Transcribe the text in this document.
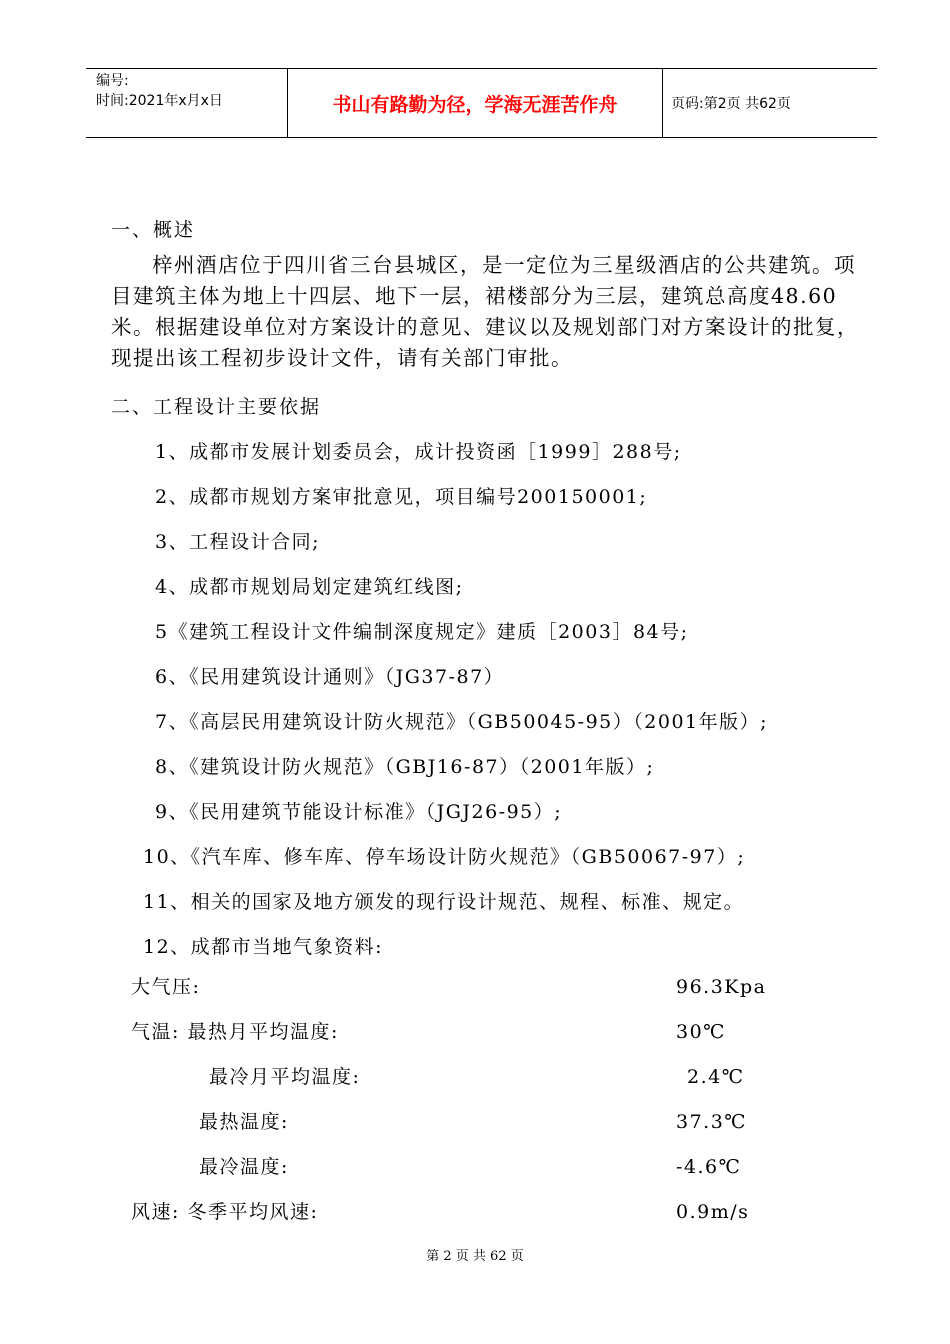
编号:
时间:2021年x月x日	书山有路勤为径，学海无涯苦作舟	页码:第2页 共62页
一、概述
梓州酒店位于四川省三台县城区，是一定位为三星级酒店的公共建筑。项目建筑主体为地上十四层、地下一层，裙楼部分为三层，建筑总高度48.60米。根据建设单位对方案设计的意见、建议以及规划部门对方案设计的批复，现提出该工程初步设计文件，请有关部门审批。
二、工程设计主要依据
1、成都市发展计划委员会，成计投资函［1999］288号;
2、成都市规划方案审批意见，项目编号200150001;
3、工程设计合同;
4、成都市规划局划定建筑红线图;
5《建筑工程设计文件编制深度规定》建质［2003］84号;
6、《民用建筑设计通则》（JG37-87）
7、《高层民用建筑设计防火规范》（GB50045-95）（2001年版）;
8、《建筑设计防火规范》（GBJ16-87）（2001年版）;
9、《民用建筑节能设计标准》（JGJ26-95）;
10、《汽车库、修车库、停车场设计防火规范》（GB50067-97）;
11、相关的国家及地方颁发的现行设计规范、规程、标准、规定。
12、成都市当地气象资料:
大气压:	96.3Kpa
气温: 最热月平均温度:	30℃
最冷月平均温度:	2.4℃
最热温度:	37.3℃
最冷温度:	-4.6℃
风速: 冬季平均风速:	0.9m/s
第 2 页 共 62 页
